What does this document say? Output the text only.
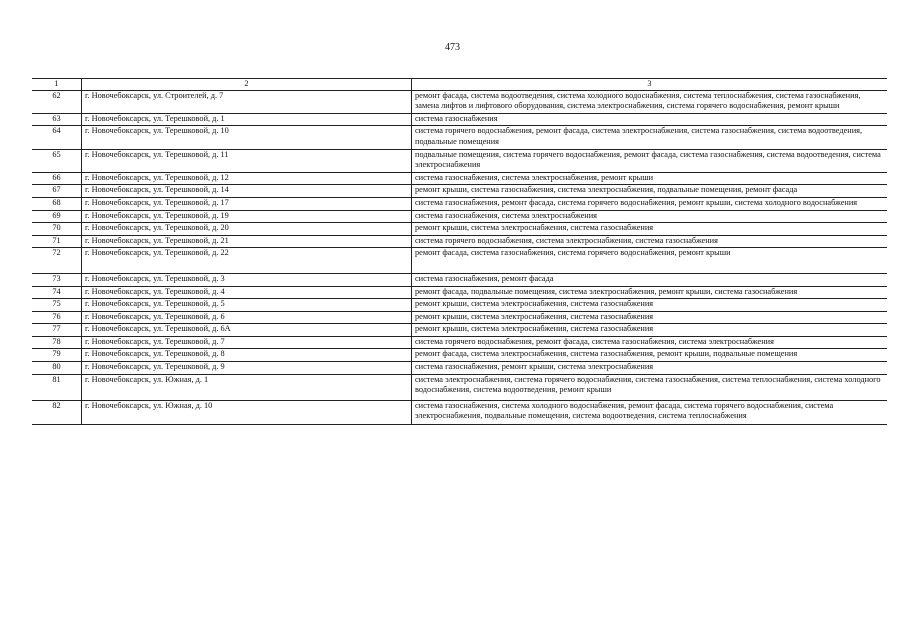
473
1	2	3
62	г. Новочебоксарск, ул. Строителей, д. 7	ремонт фасада, система водоотведения, система холодного водоснабжения, система теплоснабжения, система газоснабжения, замена лифтов и лифтового оборудования, система электроснабжения, система горячего водоснабжения, ремонт крыши
63	г. Новочебоксарск, ул. Терешковой, д. 1	система газоснабжения
64	г. Новочебоксарск, ул. Терешковой, д. 10	система горячего водоснабжения, ремонт фасада, система электроснабжения, система газоснабжения, система водоотведения, подвальные помещения
65	г. Новочебоксарск, ул. Терешковой, д. 11	подвальные помещения, система горячего водоснабжения, ремонт фасада, система газоснабжения, система водоотведения, система электроснабжения
66	г. Новочебоксарск, ул. Терешковой, д. 12	система газоснабжения, система электроснабжения, ремонт крыши
67	г. Новочебоксарск, ул. Терешковой, д. 14	ремонт крыши, система газоснабжения, система электроснабжения, подвальные помещения, ремонт фасада
68	г. Новочебоксарск, ул. Терешковой, д. 17	система газоснабжения, ремонт фасада, система горячего водоснабжения, ремонт крыши, система холодного водоснабжения
69	г. Новочебоксарск, ул. Терешковой, д. 19	система газоснабжения, система электроснабжения
70	г. Новочебоксарск, ул. Терешковой, д. 20	ремонт крыши, система электроснабжения, система газоснабжения
71	г. Новочебоксарск, ул. Терешковой, д. 21	система горячего водоснабжения, система электроснабжения, система газоснабжения
72	г. Новочебоксарск, ул. Терешковой, д. 22	ремонт фасада, система газоснабжения, система горячего водоснабжения, ремонт крыши
73	г. Новочебоксарск, ул. Терешковой, д. 3	система газоснабжения, ремонт фасада
74	г. Новочебоксарск, ул. Терешковой, д. 4	ремонт фасада, подвальные помещения, система электроснабжения, ремонт крыши, система газоснабжения
75	г. Новочебоксарск, ул. Терешковой, д. 5	ремонт крыши, система электроснабжения, система газоснабжения
76	г. Новочебоксарск, ул. Терешковой, д. 6	ремонт крыши, система электроснабжения, система газоснабжения
77	г. Новочебоксарск, ул. Терешковой, д. 6А	ремонт крыши, система электроснабжения, система газоснабжения
78	г. Новочебоксарск, ул. Терешковой, д. 7	система горячего водоснабжения, ремонт фасада, система газоснабжения, система электроснабжения
79	г. Новочебоксарск, ул. Терешковой, д. 8	ремонт фасада, система электроснабжения, система газоснабжения, ремонт крыши, подвальные помещения
80	г. Новочебоксарск, ул. Терешковой, д. 9	система газоснабжения, ремонт крыши, система электроснабжения
81	г. Новочебоксарск, ул. Южная, д. 1	система электроснабжения, система горячего водоснабжения, система газоснабжения, система теплоснабжения, система холодного водоснабжения, система водоотведения, ремонт крыши
82	г. Новочебоксарск, ул. Южная, д. 10	система газоснабжения, система холодного водоснабжения, ремонт фасада, система горячего водоснабжения, система электроснабжения, подвальные помещения, система водоотведения, система теплоснабжения
